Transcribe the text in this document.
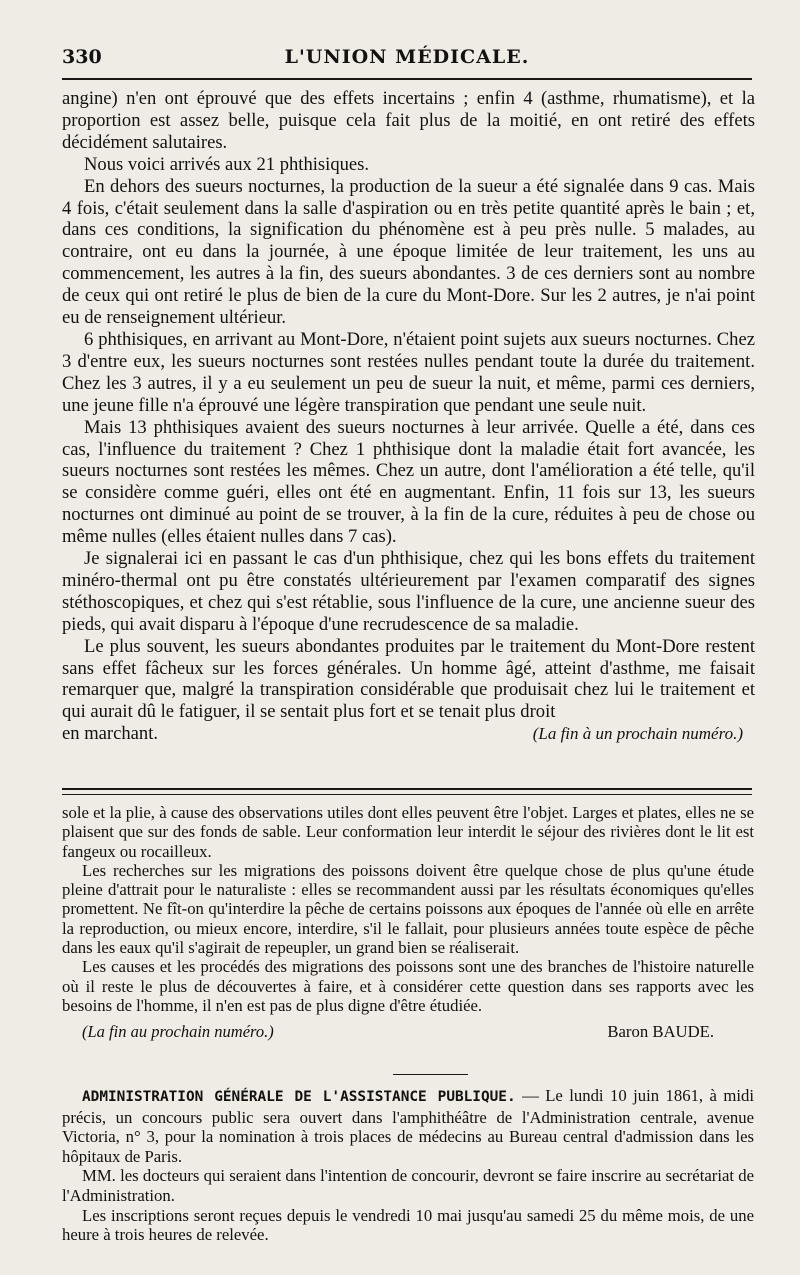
330	L'UNION MÉDICALE.

angine) n'en ont éprouvé que des effets incertains ; enfin 4 (asthme, rhumatisme), et la proportion est assez belle, puisque cela fait plus de la moitié, en ont retiré des effets décidément salutaires.

Nous voici arrivés aux 21 phthisiques.

En dehors des sueurs nocturnes, la production de la sueur a été signalée dans 9 cas. Mais 4 fois, c'était seulement dans la salle d'aspiration ou en très petite quantité après le bain ; et, dans ces conditions, la signification du phénomène est à peu près nulle. 5 malades, au contraire, ont eu dans la journée, à une époque limitée de leur traitement, les uns au commencement, les autres à la fin, des sueurs abondantes. 3 de ces derniers sont au nombre de ceux qui ont retiré le plus de bien de la cure du Mont-Dore. Sur les 2 autres, je n'ai point eu de renseignement ultérieur.

6 phthisiques, en arrivant au Mont-Dore, n'étaient point sujets aux sueurs nocturnes. Chez 3 d'entre eux, les sueurs nocturnes sont restées nulles pendant toute la durée du traitement. Chez les 3 autres, il y a eu seulement un peu de sueur la nuit, et même, parmi ces derniers, une jeune fille n'a éprouvé une légère transpiration que pendant une seule nuit.

Mais 13 phthisiques avaient des sueurs nocturnes à leur arrivée. Quelle a été, dans ces cas, l'influence du traitement ? Chez 1 phthisique dont la maladie était fort avancée, les sueurs nocturnes sont restées les mêmes. Chez un autre, dont l'amélioration a été telle, qu'il se considère comme guéri, elles ont été en augmentant. Enfin, 11 fois sur 13, les sueurs nocturnes ont diminué au point de se trouver, à la fin de la cure, réduites à peu de chose ou même nulles (elles étaient nulles dans 7 cas).

Je signalerai ici en passant le cas d'un phthisique, chez qui les bons effets du traitement minéro-thermal ont pu être constatés ultérieurement par l'examen comparatif des signes stéthoscopiques, et chez qui s'est rétablie, sous l'influence de la cure, une ancienne sueur des pieds, qui avait disparu à l'époque d'une recrudescence de sa maladie.

Le plus souvent, les sueurs abondantes produites par le traitement du Mont-Dore restent sans effet fâcheux sur les forces générales. Un homme âgé, atteint d'asthme, me faisait remarquer que, malgré la transpiration considérable que produisait chez lui le traitement et qui aurait dû le fatiguer, il se sentait plus fort et se tenait plus droit

en marchant.	(La fin à un prochain numéro.)

sole et la plie, à cause des observations utiles dont elles peuvent être l'objet. Larges et plates, elles ne se plaisent que sur des fonds de sable. Leur conformation leur interdit le séjour des rivières dont le lit est fangeux ou rocailleux.

Les recherches sur les migrations des poissons doivent être quelque chose de plus qu'une étude pleine d'attrait pour le naturaliste : elles se recommandent aussi par les résultats économiques qu'elles promettent. Ne fît-on qu'interdire la pêche de certains poissons aux époques de l'année où elle en arrête la reproduction, ou mieux encore, interdire, s'il le fallait, pour plusieurs années toute espèce de pêche dans les eaux qu'il s'agirait de repeupler, un grand bien se réaliserait.

Les causes et les procédés des migrations des poissons sont une des branches de l'histoire naturelle où il reste le plus de découvertes à faire, et à considérer cette question dans ses rapports avec les besoins de l'homme, il n'en est pas de plus digne d'être étudiée.

(La fin au prochain numéro.)	Baron BAUDE.

ADMINISTRATION GÉNÉRALE DE L'ASSISTANCE PUBLIQUE. — Le lundi 10 juin 1861, à midi précis, un concours public sera ouvert dans l'amphithéâtre de l'Administration centrale, avenue Victoria, n° 3, pour la nomination à trois places de médecins au Bureau central d'admission dans les hôpitaux de Paris.

MM. les docteurs qui seraient dans l'intention de concourir, devront se faire inscrire au secrétariat de l'Administration.

Les inscriptions seront reçues depuis le vendredi 10 mai jusqu'au samedi 25 du même mois, de une heure à trois heures de relevée.
